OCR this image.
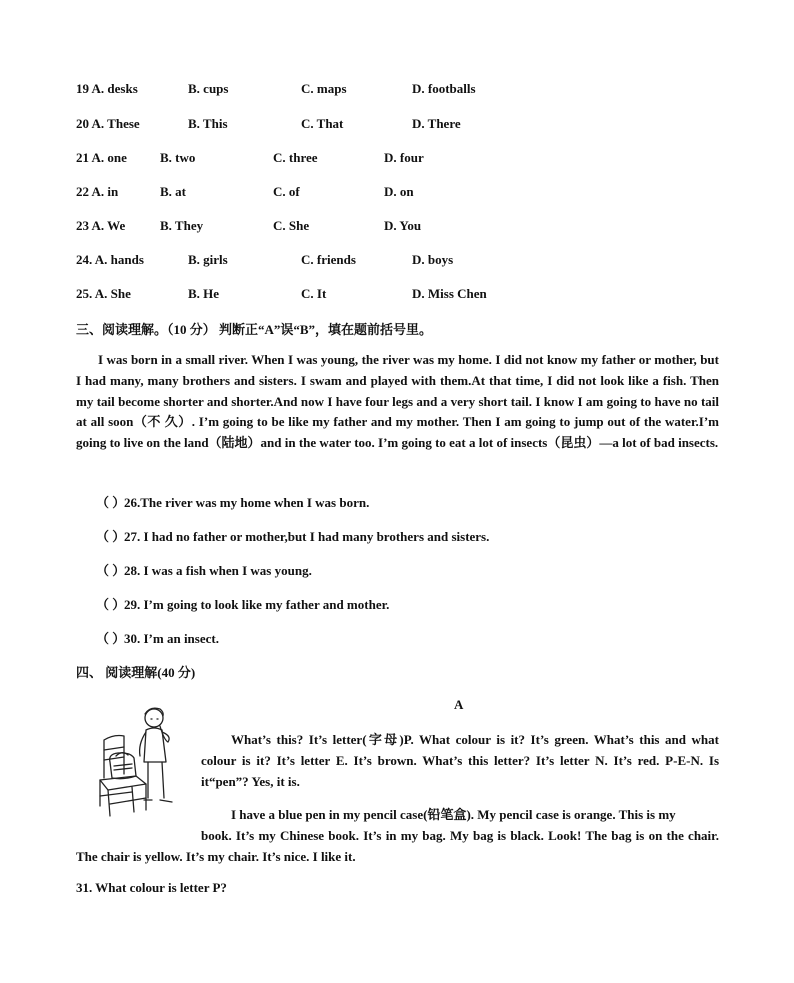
19 A. desks	B. cups	C. maps	D. footballs
20 A. These	B. This	C. That	D. There
21 A. one	B. two	C. three	D. four
22 A. in	B. at	C. of	D. on
23 A. We	B. They	C. She	D. You
24. A. hands	B. girls	C. friends	D. boys
25. A. She	B. He	C. It	D. Miss Chen
三、阅读理解。（10 分） 判断正“A”误“B”，填在题前括号里。
I was born in a small river. When I was young, the river was my home. I did not know my father or mother, but I had many, many brothers and sisters. I swam and played with them.At that time, I did not look like a fish. Then my tail become shorter and shorter.And now I have four legs and a very short tail. I know I am going to have no tail at all soon（不 久）. I’m going to be like my father and my mother. Then I am going to jump out of the water.I’m going to live on the land（陆地）and in the water too. I’m going to eat a lot of insects（昆虫）—a lot of bad insects.
（ ）26.The river was my home when I was born.
（ ）27. I had no father or mother,but I had many brothers and sisters.
（ ）28. I was a fish when I was young.
（ ）29. I’m going to look like my father and mother.
（ ）30. I’m an insect.
四、 阅读理解(40 分)
A
What’s this? It’s letter(字母)P. What colour is it? It’s green. What’s this and what colour is it? It’s letter E. It’s brown. What’s this letter? It’s letter N. It’s red. P-E-N. Is it“pen”? Yes, it is.
I have a blue pen in my pencil case(铅笔盒). My pencil case is orange. This is my
book. It’s my Chinese book. It’s in my bag. My bag is black. Look! The bag is on the chair. The chair is yellow. It’s my chair. It’s nice. I like it.
31. What colour is letter P?
